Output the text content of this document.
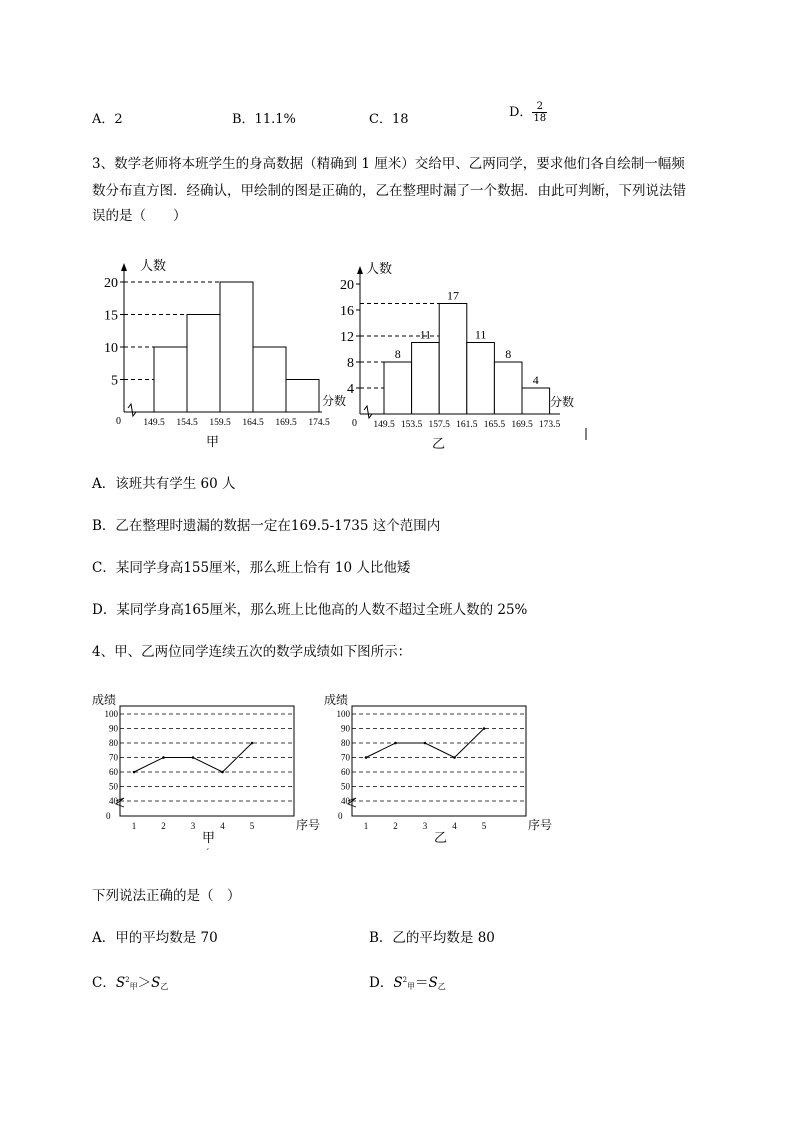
A．2	B．11.1%	C．18	D． $\frac{2}{18}$
3、数学老师将本班学生的身高数据（精确到 1 厘米）交给甲、乙两同学，要求他们各自绘制一幅频
数分布直方图．经确认，甲绘制的图是正确的，乙在整理时漏了一个数据．由此可判断，下列说法错
误的是（　　）
人数
分数
0
甲
5
10
15
20
149.5 154.5 159.5 164.5 169.5 174.5
人数
分数
0
乙
4
8
12
16
20
8
11
17
11
8
4
149.5 153.5 157.5 161.5 165.5 169.5 173.5
A．该班共有学生 60 人
B．乙在整理时遗漏的数据一定在169.5-1735 这个范围内
C．某同学身高155厘米，那么班上恰有 10 人比他矮
D．某同学身高165厘米，那么班上比他高的人数不超过全班人数的 25%
4、甲、乙两位同学连续五次的数学成绩如下图所示：
成绩
0
序号
甲
ˊ
40
50
60
70
80
90
100
1	2	3	4	5
成绩
0
序号
乙
40
50
60
70
80
90
100
1	2	3	4	5
下列说法正确的是（　）
A．甲的平均数是 70	B．乙的平均数是 80
C．$S^2_甲>S_乙$	D．$S^2_甲=S_乙$
